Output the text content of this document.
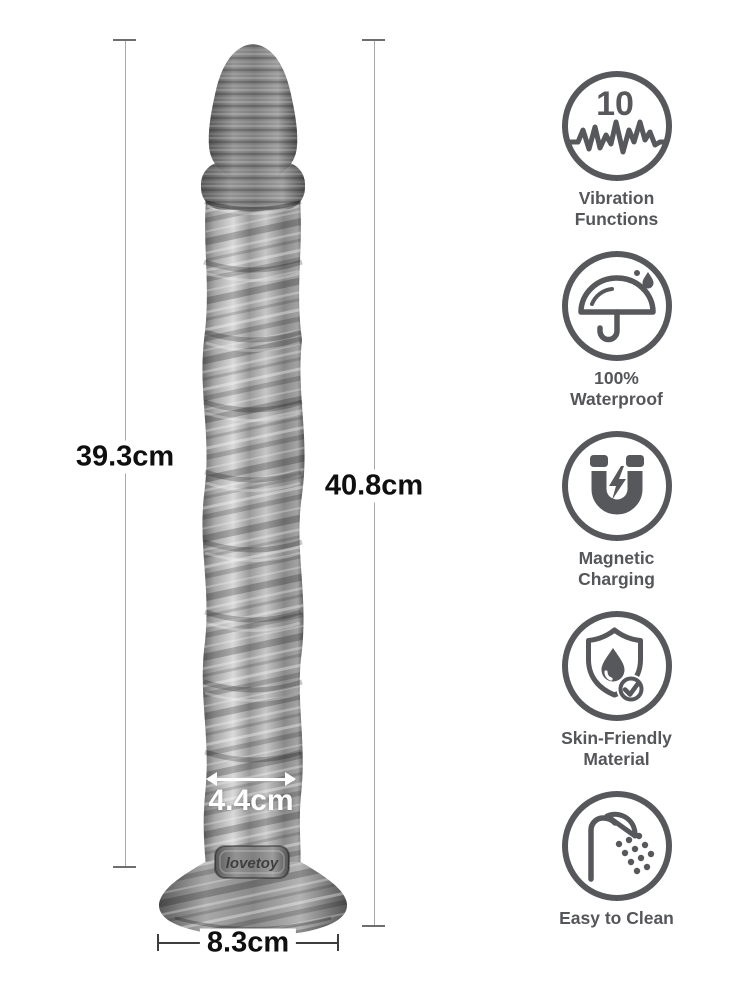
lovetoy
39.3cm
40.8cm
4.4cm
8.3cm
10
Vibration Functions
100% Waterproof
Magnetic Charging
Skin-Friendly Material
Easy to Clean
